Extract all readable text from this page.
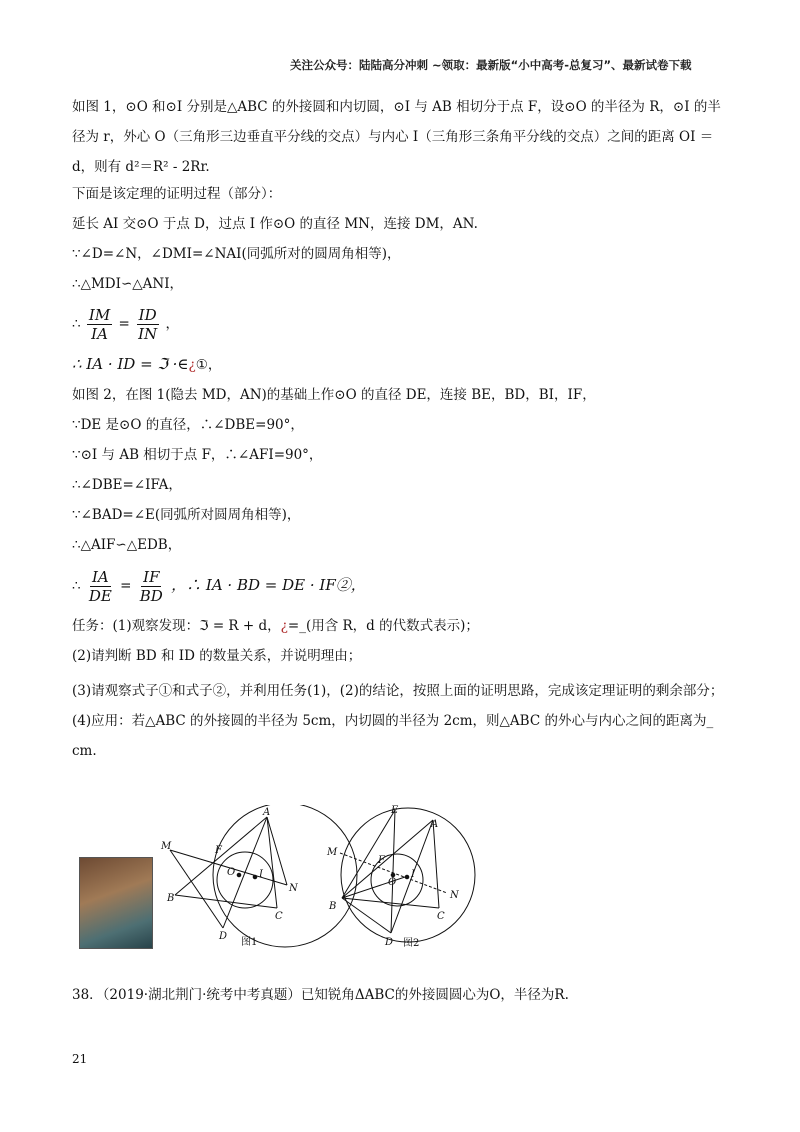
关注公众号：陆陆高分冲刺 ~领取：最新版“小中高考-总复习”、最新试卷下载
如图 1，⊙O 和⊙I 分别是△ABC 的外接圆和内切圆，⊙I 与 AB 相切分于点 F，设⊙O 的半径为 R，⊙I 的半径为 r，外心 O（三角形三边垂直平分线的交点）与内心 I（三角形三条角平分线的交点）之间的距离 OI ＝d，则有 d²＝R² - 2Rr.
下面是该定理的证明过程（部分）：
延长 AI 交⊙O 于点 D，过点 I 作⊙O 的直径 MN，连接 DM，AN.
∵∠D=∠N，∠DMI=∠NAI(同弧所对的圆周角相等)，
∴△MDI∽△ANI，
∴ $\frac{IM}{IA} = \frac{ID}{IN}$ ，
∴ IA · ID = ℑ ·∈¿①，
如图 2，在图 1(隐去 MD，AN)的基础上作⊙O 的直径 DE，连接 BE，BD，BI，IF，
∵DE 是⊙O 的直径，∴∠DBE=90°，
∵⊙I 与 AB 相切于点 F，∴∠AFI=90°，
∴∠DBE=∠IFA，
∵∠BAD=∠E(同弧所对圆周角相等)，
∴△AIF∽△EDB，
∴ $\frac{IA}{DE} = \frac{IF}{BD}$ ，∴ IA · BD = DE · IF②，
任务：(1)观察发现：ℑ = R + d，¿=_(用含 R，d 的代数式表示)；
(2)请判断 BD 和 ID 的数量关系，并说明理由；
(3)请观察式子①和式子②，并利用任务(1)，(2)的结论，按照上面的证明思路，完成该定理证明的剩余部分；
(4)应用：若△ABC 的外接圆的半径为 5cm，内切圆的半径为 2cm，则△ABC 的外心与内心之间的距离为_ cm.
A
M	F
O I
N
B
C
D
图1
E
A
M
F
O
I
N
B
C
D 图2
38．（2019·湖北荆门·统考中考真题）已知锐角ΔABC的外接圆圆心为O，半径为R.
21
